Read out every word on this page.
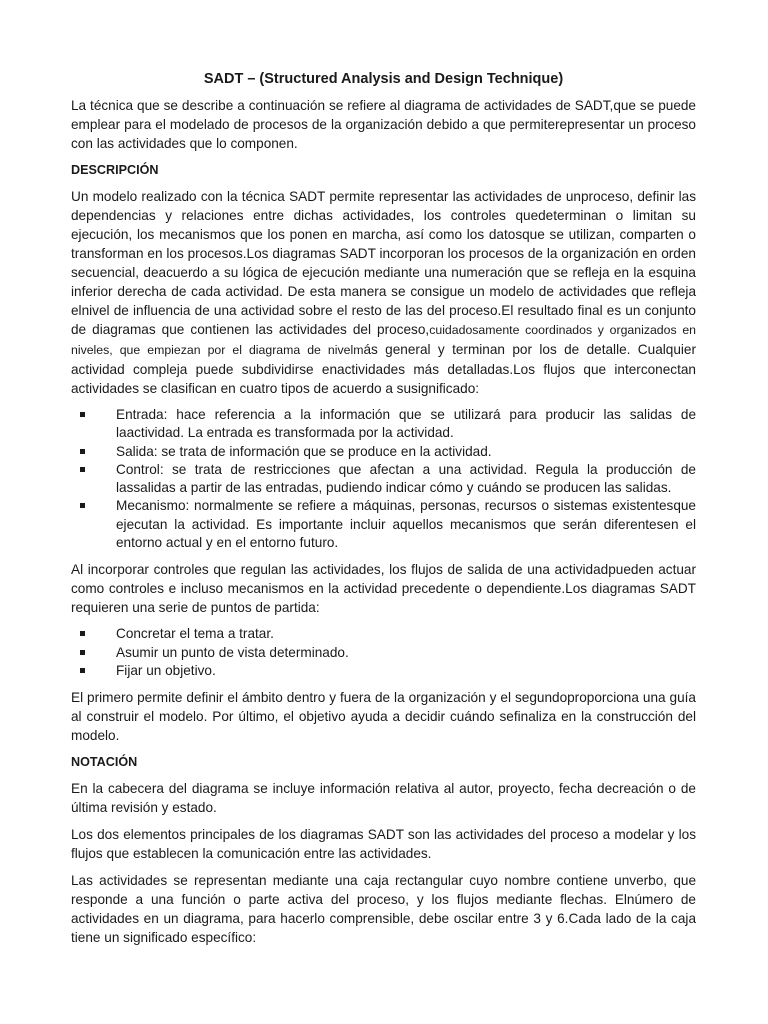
SADT – (Structured Analysis and Design Technique)

La técnica que se describe a continuación se refiere al diagrama de actividades de SADT,que se puede emplear para el modelado de procesos de la organización debido a que permiterepresentar un proceso con las actividades que lo componen.

DESCRIPCIÓN

Un modelo realizado con la técnica SADT permite representar las actividades de unproceso, definir las dependencias y relaciones entre dichas actividades, los controles quedeterminan o limitan su ejecución, los mecanismos que los ponen en marcha, así como los datosque se utilizan, comparten o transforman en los procesos.Los diagramas SADT incorporan los procesos de la organización en orden secuencial, deacuerdo a su lógica de ejecución mediante una numeración que se refleja en la esquina inferior derecha de cada actividad. De esta manera se consigue un modelo de actividades que refleja elnivel de influencia de una actividad sobre el resto de las del proceso.El resultado final es un conjunto de diagramas que contienen las actividades del proceso,cuidadosamente coordinados y organizados en niveles, que empiezan por el diagrama de nivelmás general y terminan por los de detalle. Cualquier actividad compleja puede subdividirse enactividades más detalladas.Los flujos que interconectan actividades se clasifican en cuatro tipos de acuerdo a susignificado:

Entrada: hace referencia a la información que se utilizará para producir las salidas de laactividad. La entrada es transformada por la actividad.
Salida: se trata de información que se produce en la actividad.
Control: se trata de restricciones que afectan a una actividad. Regula la producción de lassalidas a partir de las entradas, pudiendo indicar cómo y cuándo se producen las salidas.
Mecanismo: normalmente se refiere a máquinas, personas, recursos o sistemas existentesque ejecutan la actividad. Es importante incluir aquellos mecanismos que serán diferentesen el entorno actual y en el entorno futuro.

Al incorporar controles que regulan las actividades, los flujos de salida de una actividadpueden actuar como controles e incluso mecanismos en la actividad precedente o dependiente.Los diagramas SADT requieren una serie de puntos de partida:

Concretar el tema a tratar.
Asumir un punto de vista determinado.
Fijar un objetivo.

El primero permite definir el ámbito dentro y fuera de la organización y el segundoproporciona una guía al construir el modelo. Por último, el objetivo ayuda a decidir cuándo sefinaliza en la construcción del modelo.

NOTACIÓN

En la cabecera del diagrama se incluye información relativa al autor, proyecto, fecha decreación o de última revisión y estado.

Los dos elementos principales de los diagramas SADT son las actividades del proceso a modelar y los flujos que establecen la comunicación entre las actividades.

Las actividades se representan mediante una caja rectangular cuyo nombre contiene unverbo, que responde a una función o parte activa del proceso, y los flujos mediante flechas. Elnúmero de actividades en un diagrama, para hacerlo comprensible, debe oscilar entre 3 y 6.Cada lado de la caja tiene un significado específico:
